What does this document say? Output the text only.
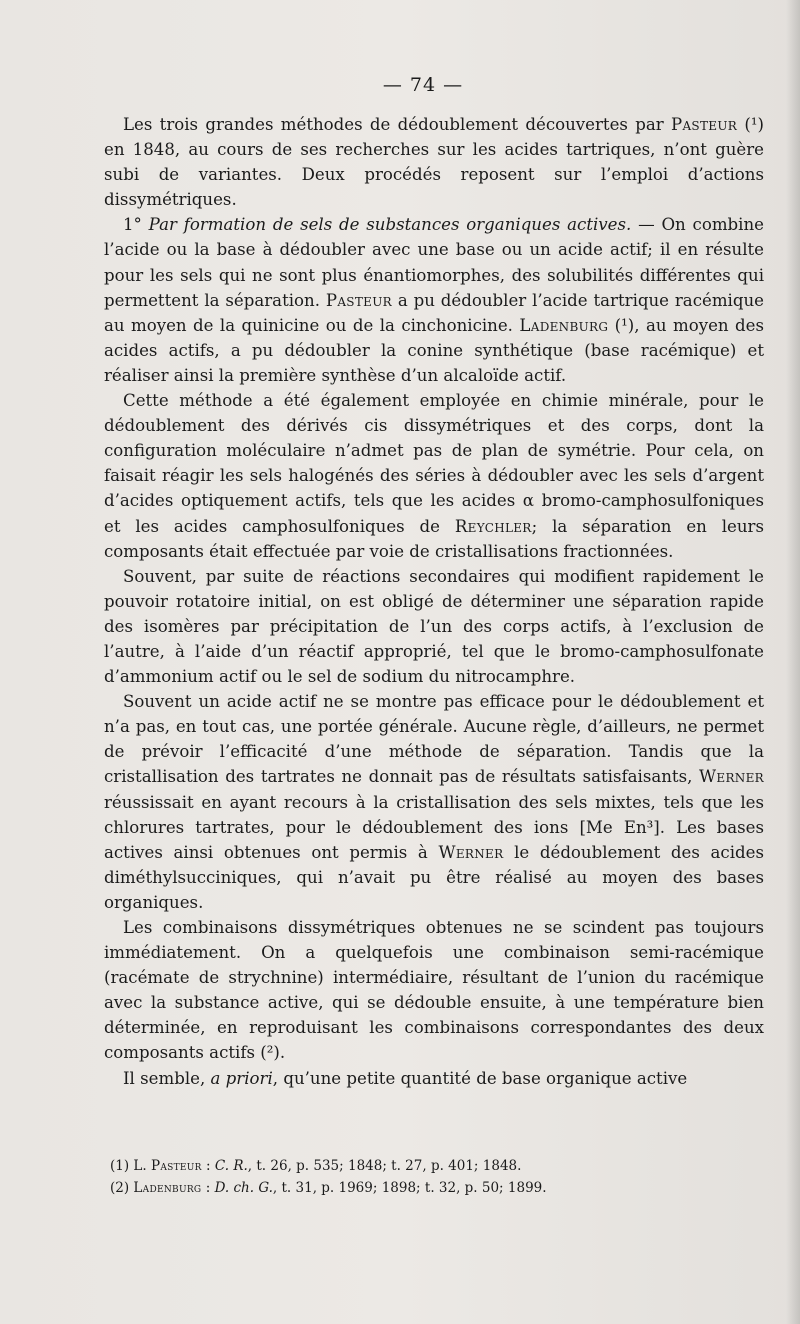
— 74 —

Les trois grandes méthodes de dédoublement découvertes par Pasteur (¹) en 1848, au cours de ses recherches sur les acides tartriques, n’ont guère subi de variantes. Deux procédés reposent sur l’emploi d’actions dissymétriques.

1° Par formation de sels de substances organiques actives. — On combine l’acide ou la base à dédoubler avec une base ou un acide actif; il en résulte pour les sels qui ne sont plus énantiomorphes, des solubilités différentes qui permettent la séparation. Pasteur a pu dédoubler l’acide tartrique racémique au moyen de la quinicine ou de la cinchonicine. Ladenburg (¹), au moyen des acides actifs, a pu dédoubler la conine synthétique (base racémique) et réaliser ainsi la première synthèse d’un alcaloïde actif.

Cette méthode a été également employée en chimie minérale, pour le dédoublement des dérivés cis dissymétriques et des corps, dont la configuration moléculaire n’admet pas de plan de symétrie. Pour cela, on faisait réagir les sels halogénés des séries à dédoubler avec les sels d’argent d’acides optiquement actifs, tels que les acides α bromo-camphosulfoniques et les acides camphosulfoniques de Reychler; la séparation en leurs composants était effectuée par voie de cristallisations fractionnées.

Souvent, par suite de réactions secondaires qui modifient rapidement le pouvoir rotatoire initial, on est obligé de déterminer une séparation rapide des isomères par précipitation de l’un des corps actifs, à l’exclusion de l’autre, à l’aide d’un réactif approprié, tel que le bromo-camphosulfonate d’ammonium actif ou le sel de sodium du nitrocamphre.

Souvent un acide actif ne se montre pas efficace pour le dédoublement et n’a pas, en tout cas, une portée générale. Aucune règle, d’ailleurs, ne permet de prévoir l’efficacité d’une méthode de séparation. Tandis que la cristallisation des tartrates ne donnait pas de résultats satisfaisants, Werner réussissait en ayant recours à la cristallisation des sels mixtes, tels que les chlorures tartrates, pour le dédoublement des ions [Me En³]. Les bases actives ainsi obtenues ont permis à Werner le dédoublement des acides diméthylsucciniques, qui n’avait pu être réalisé au moyen des bases organiques.

Les combinaisons dissymétriques obtenues ne se scindent pas toujours immédiatement. On a quelquefois une combinaison semi-racémique (racémate de strychnine) intermédiaire, résultant de l’union du racémique avec la substance active, qui se dédouble ensuite, à une température bien déterminée, en reproduisant les combinaisons correspondantes des deux composants actifs (²).

Il semble, a priori, qu’une petite quantité de base organique active

(1) L. Pasteur : C. R., t. 26, p. 535; 1848; t. 27, p. 401; 1848.
(2) Ladenburg : D. ch. G., t. 31, p. 1969; 1898; t. 32, p. 50; 1899.
